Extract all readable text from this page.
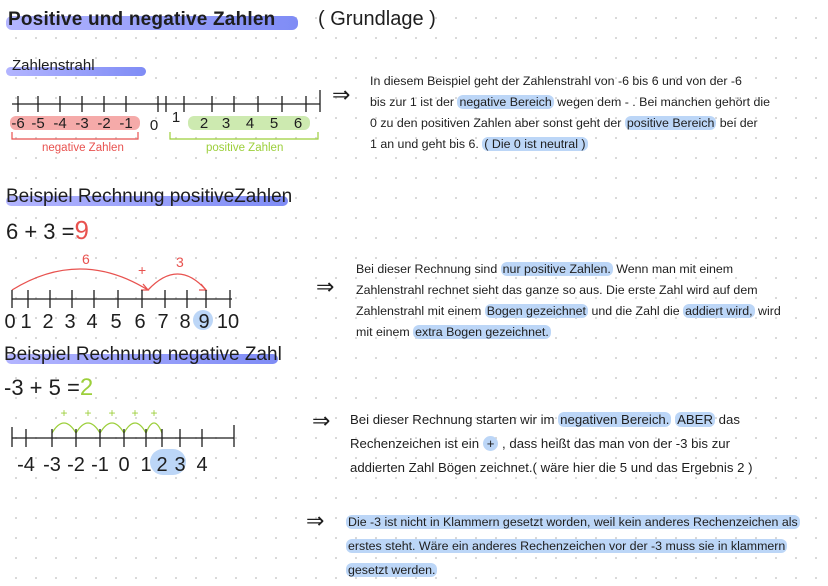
Positive und negative Zahlen ( Grundlage )
Zahlenstrahl
-6 -5 -4 -3 -2 -1 0 1 2 3 4 5 6
negative Zahlen	positive Zahlen
⇒
In diesem Beispiel geht der Zahlenstrahl von -6 bis 6 und von der -6
bis zur 1 ist der negative Bereich wegen dem - . Bei manchen gehört die
0 zu den positiven Zahlen aber sonst geht der positive Bereich bei der
1 an und geht bis 6. ( Die 0 ist neutral )
Beispiel Rechnung positiveZahlen
6 + 3 =9
6
+ 3
0 1 2 3 4 5 6 7 8 9 10
⇒
Bei dieser Rechnung sind nur positive Zahlen. Wenn man mit einem
Zahlenstrahl rechnet sieht das ganze so aus. Die erste Zahl wird auf dem
Zahlenstrahl mit einem Bogen gezeichnet und die Zahl die addiert wird, wird
mit einem extra Bogen gezeichnet.
Beispiel Rechnung negative Zahl
-3 + 5 =2
+ + + + +
-4 -3 -2 -1 0 1 2 3 4
⇒ Bei dieser Rechnung starten wir im negativen Bereich. ABER das
Rechenzeichen ist ein + , dass heißt das man von der -3 bis zur
addierten Zahl Bögen zeichnet.( wäre hier die 5 und das Ergebnis 2 )
⇒ Die -3 ist nicht in Klammern gesetzt worden, weil kein anderes Rechenzeichen als
erstes steht. Wäre ein anderes Rechenzeichen vor der -3 muss sie in klammern
gesetzt werden.
